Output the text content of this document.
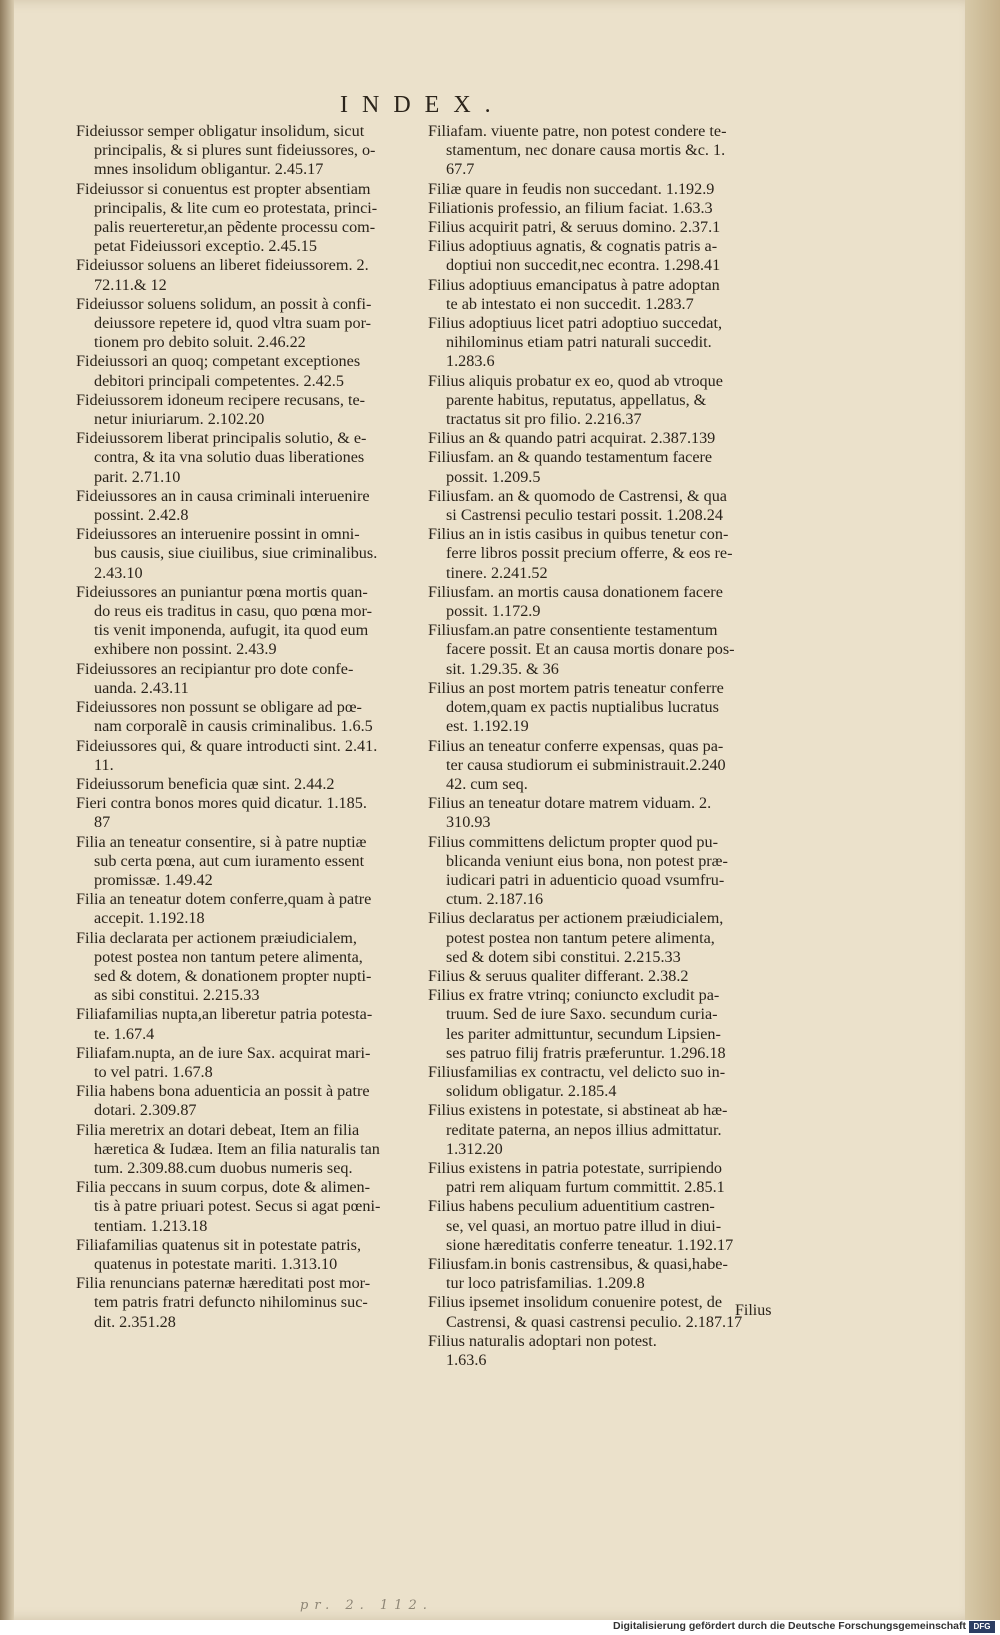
INDEX.

Fideiussor semper obligatur insolidum, sicut
principalis, & si plures sunt fideiussores, o-
mnes insolidum obligantur. 2.45.17

Fideiussor si conuentus est propter absentiam
principalis, & lite cum eo protestata, princi-
palis reuerteretur,an pẽdente processu com-
petat Fideiussori exceptio. 2.45.15

Fideiussor soluens an liberet fideiussorem. 2.
72.11.& 12

Fideiussor soluens solidum, an possit à confi-
deiussore repetere id, quod vltra suam por-
tionem pro debito soluit. 2.46.22

Fideiussori an quoq; competant exceptiones
debitori principali competentes. 2.42.5

Fideiussorem idoneum recipere recusans, te-
netur iniuriarum. 2.102.20

Fideiussorem liberat principalis solutio, & e-
contra, & ita vna solutio duas liberationes
parit. 2.71.10

Fideiussores an in causa criminali interuenire
possint. 2.42.8

Fideiussores an interuenire possint in omni-
bus causis, siue ciuilibus, siue criminalibus.
2.43.10

Fideiussores an puniantur pœna mortis quan-
do reus eis traditus in casu, quo pœna mor-
tis venit imponenda, aufugit, ita quod eum
exhibere non possint. 2.43.9

Fideiussores an recipiantur pro dote confe-
uanda. 2.43.11

Fideiussores non possunt se obligare ad pœ-
nam corporalẽ in causis criminalibus. 1.6.5

Fideiussores qui, & quare introducti sint. 2.41.
11.

Fideiussorum beneficia quæ sint. 2.44.2

Fieri contra bonos mores quid dicatur. 1.185.
87

Filia an teneatur consentire, si à patre nuptiæ
sub certa pœna, aut cum iuramento essent
promissæ. 1.49.42

Filia an teneatur dotem conferre,quam à patre
accepit. 1.192.18

Filia declarata per actionem præiudicialem,
potest postea non tantum petere alimenta,
sed & dotem, & donationem propter nupti-
as sibi constitui. 2.215.33

Filiafamilias nupta,an liberetur patria potesta-
te. 1.67.4

Filiafam.nupta, an de iure Sax. acquirat mari-
to vel patri. 1.67.8

Filia habens bona aduenticia an possit à patre
dotari. 2.309.87

Filia meretrix an dotari debeat, Item an filia
hæretica & Iudæa. Item an filia naturalis tan
tum. 2.309.88.cum duobus numeris seq.

Filia peccans in suum corpus, dote & alimen-
tis à patre priuari potest. Secus si agat pœni-
tentiam. 1.213.18

Filiafamilias quatenus sit in potestate patris,
quatenus in potestate mariti. 1.313.10

Filia renuncians paternæ hæreditati post mor-
tem patris fratri defuncto nihilominus suc-
dit. 2.351.28

Filiafam. viuente patre, non potest condere te-
stamentum, nec donare causa mortis &c. 1.
67.7

Filiæ quare in feudis non succedant. 1.192.9

Filiationis professio, an filium faciat. 1.63.3

Filius acquirit patri, & seruus domino. 2.37.1

Filius adoptiuus agnatis, & cognatis patris a-
doptiui non succedit,nec econtra. 1.298.41

Filius adoptiuus emancipatus à patre adoptan
te ab intestato ei non succedit. 1.283.7

Filius adoptiuus licet patri adoptiuo succedat,
nihilominus etiam patri naturali succedit.
1.283.6

Filius aliquis probatur ex eo, quod ab vtroque
parente habitus, reputatus, appellatus, &
tractatus sit pro filio. 2.216.37

Filius an & quando patri acquirat. 2.387.139

Filiusfam. an & quando testamentum facere
possit. 1.209.5

Filiusfam. an & quomodo de Castrensi, & qua
si Castrensi peculio testari possit. 1.208.24

Filius an in istis casibus in quibus tenetur con-
ferre libros possit precium offerre, & eos re-
tinere. 2.241.52

Filiusfam. an mortis causa donationem facere
possit. 1.172.9

Filiusfam.an patre consentiente testamentum
facere possit. Et an causa mortis donare pos-
sit. 1.29.35. & 36

Filius an post mortem patris teneatur conferre
dotem,quam ex pactis nuptialibus lucratus
est. 1.192.19

Filius an teneatur conferre expensas, quas pa-
ter causa studiorum ei subministrauit.2.240
42. cum seq.

Filius an teneatur dotare matrem viduam. 2.
310.93

Filius committens delictum propter quod pu-
blicanda veniunt eius bona, non potest præ-
iudicari patri in aduenticio quoad vsumfru-
ctum. 2.187.16

Filius declaratus per actionem præiudicialem,
potest postea non tantum petere alimenta,
sed & dotem sibi constitui. 2.215.33

Filius & seruus qualiter differant. 2.38.2

Filius ex fratre vtrinq; coniuncto excludit pa-
truum. Sed de iure Saxo. secundum curia-
les pariter admittuntur, secundum Lipsien-
ses patruo filij fratris præferuntur. 1.296.18

Filiusfamilias ex contractu, vel delicto suo in-
solidum obligatur. 2.185.4

Filius existens in potestate, si abstineat ab hæ-
reditate paterna, an nepos illius admittatur.
1.312.20

Filius existens in patria potestate, surripiendo
patri rem aliquam furtum committit. 2.85.1

Filius habens peculium aduentitium castren-
se, vel quasi, an mortuo patre illud in diui-
sione hæreditatis conferre teneatur. 1.192.17

Filiusfam.in bonis castrensibus, & quasi,habe-
tur loco patrisfamilias. 1.209.8

Filius ipsemet insolidum conuenire potest, de
Castrensi, & quasi castrensi peculio. 2.187.17

Filius naturalis adoptari non potest.
1.63.6

Filius
pr. 2. 112.
Digitalisierung gefördert durch die Deutsche Forschungsgemeinschaft DFG
